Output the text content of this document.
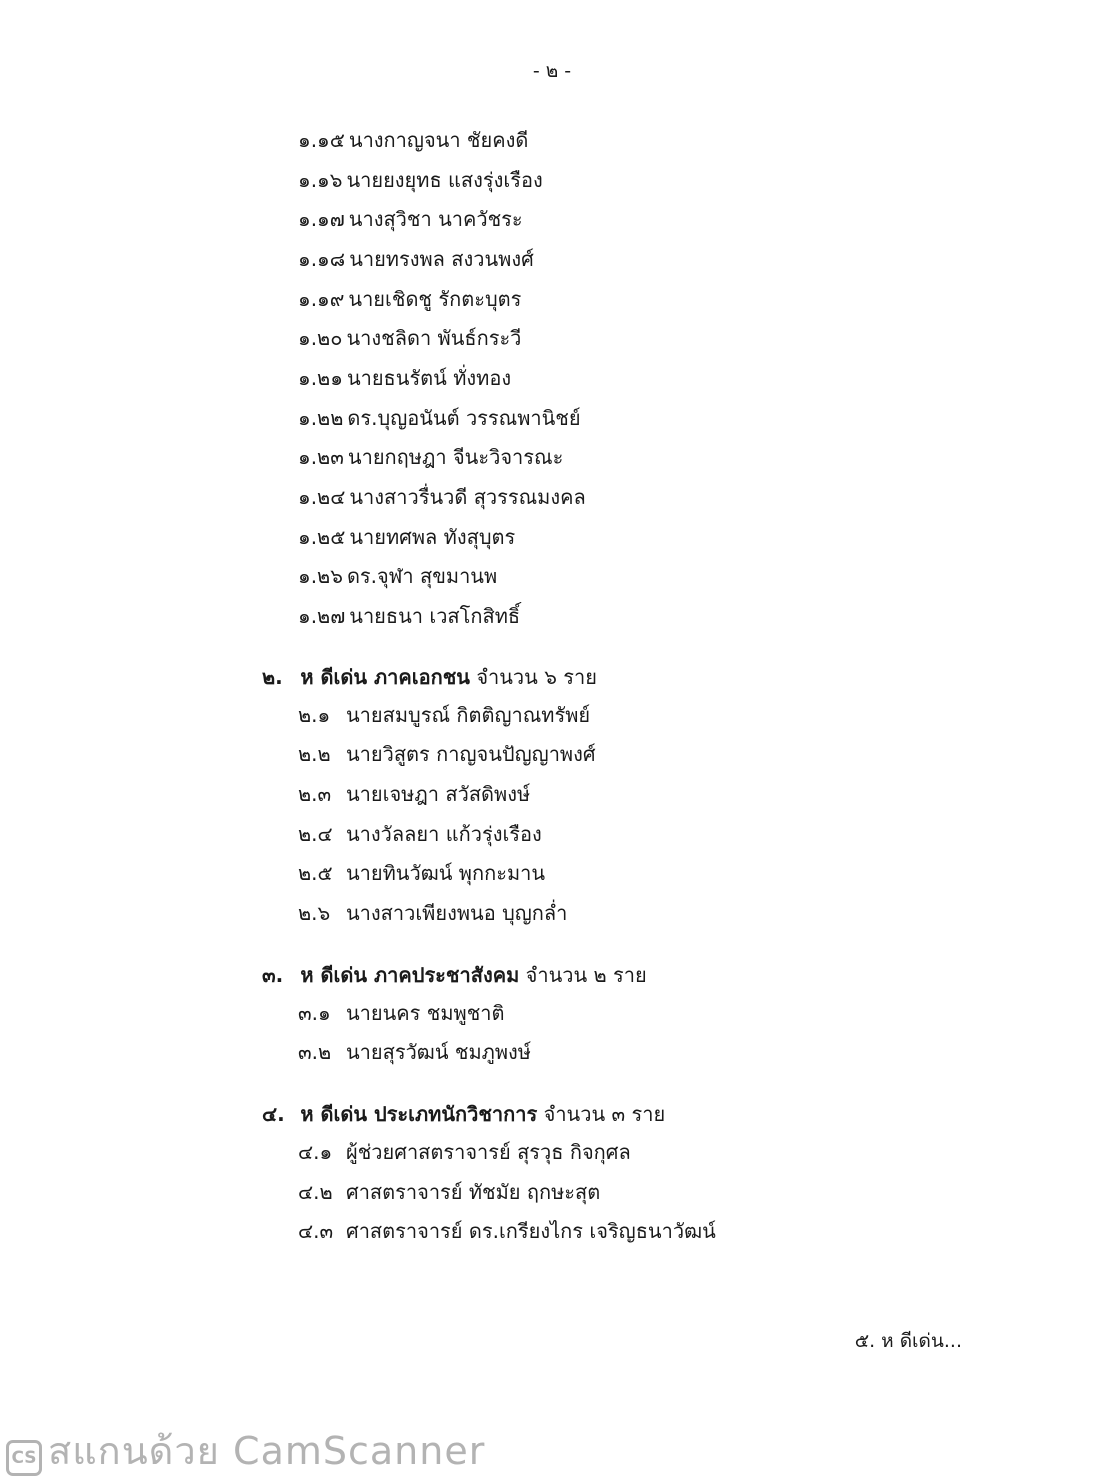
- ๒ -
๑.๑๕ นางกาญจนา ชัยคงดี
๑.๑๖ นายยงยุทธ แสงรุ่งเรือง
๑.๑๗ นางสุวิชา นาควัชระ
๑.๑๘ นายทรงพล สงวนพงศ์
๑.๑๙ นายเชิดชู รักตะบุตร
๑.๒๐ นางชลิดา พันธ์กระวี
๑.๒๑ นายธนรัตน์ ทั่งทอง
๑.๒๒ ดร.บุญอนันต์ วรรณพานิชย์
๑.๒๓ นายกฤษฎา จีนะวิจารณะ
๑.๒๔ นางสาวรื่นวดี สุวรรณมงคล
๑.๒๕ นายทศพล ทังสุบุตร
๑.๒๖ ดร.จุฬา สุขมานพ
๑.๒๗ นายธนา เวสโกสิทธิ์
๒. ห ดีเด่น ภาคเอกชน จำนวน ๖ ราย
๒.๑ นายสมบูรณ์ กิตติญาณทรัพย์
๒.๒ นายวิสูตร กาญจนปัญญาพงศ์
๒.๓ นายเจษฎา สวัสดิพงษ์
๒.๔ นางวัลลยา แก้วรุ่งเรือง
๒.๕ นายทินวัฒน์ พุกกะมาน
๒.๖ นางสาวเพียงพนอ บุญกล่ำ
๓. ห ดีเด่น ภาคประชาสังคม จำนวน ๒ ราย
๓.๑ นายนคร ชมพูชาติ
๓.๒ นายสุรวัฒน์ ชมภูพงษ์
๔. ห ดีเด่น ประเภทนักวิชาการ จำนวน ๓ ราย
๔.๑ ผู้ช่วยศาสตราจารย์ สุรวุธ กิจกุศล
๔.๒ ศาสตราจารย์ ทัชมัย ฤกษะสุต
๔.๓ ศาสตราจารย์ ดร.เกรียงไกร เจริญธนาวัฒน์
๕. ห ดีเด่น...
CS สแกนด้วย CamScanner
